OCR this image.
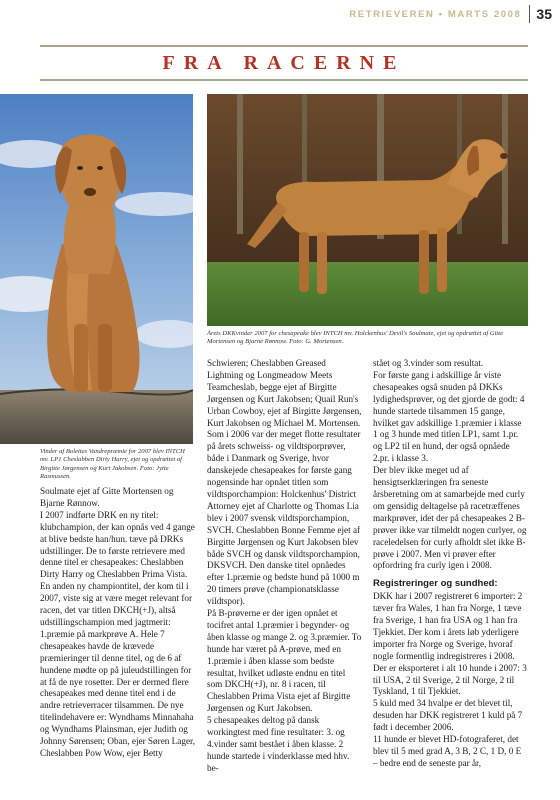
RETRIEVEREN • MARTS 2008 35
FRA RACERNE
Vinder af Bolettes Vandrepræmie for 2007 blev INTCH mv. LP1 Cheslabben Dirty Harry, ejet og opdrættet af Birgitte Jørgensen og Kurt Jakobsen. Foto: Jytte Rasmussen.
Årets DKKvinder 2007 for chesapeake blev INTCH mv. Holckenhus' Devil's Soulmate, ejet og opdrættet af Gitte Mortensen og Bjarne Rønnow. Foto: G. Mortensen.

Soulmate ejet af Gitte Mortensen og Bjarne Rønnow.

I 2007 indførte DRK en ny titel: klubchampion, der kan opnås ved 4 gange at blive bedste han/hun. tæve på DRKs udstillinger. De to første retrievere med denne titel er chesapeakes: Cheslabben Dirty Harry og Cheslabben Prima Vista.

En anden ny championtitel, der kom til i 2007, viste sig at være meget relevant for racen, det var titlen DKCH(+J), altså udstillingschampion med jagtmerit: 1.præmie på markprøve A. Hele 7 chesapeakes havde de krævede præmieringer til denne titel, og de 6 af hundene mødte op på juleudstillingen for at få de nye rosetter. Der er dermed flere chesapeakes med denne titel end i de andre retrieverracer tilsammen. De nye titelindehavere er: Wyndhams Minnahaha og Wyndhams Plainsman, ejer Judith og Johnny Sørensen; Oban, ejer Søren Lager, Cheslabben Pow Wow, ejer Betty

Schwieren; Cheslabben Greased Lightning og Longmeadow Meets Teamcheslab, begge ejet af Birgitte Jørgensen og Kurt Jakobsen; Quail Run's Urban Cowboy, ejet af Birgitte Jørgensen, Kurt Jakobsen og Michael M. Mortensen.

Som i 2006 var der meget flotte resultater på årets schweiss- og vildtsporprøver, både i Danmark og Sverige, hvor danskejede chesapeakes for første gang nogensinde har opnået titlen som vildtsporchampion: Holckenhus' District Attorney ejet af Charlotte og Thomas Lia blev i 2007 svensk vildtsporchampion, SVCH. Cheslabben Bonne Femme ejet af Birgitte Jørgensen og Kurt Jakobsen blev både SVCH og dansk vildtsporchampion, DKSVCH. Den danske titel opnåedes efter 1.præmie og bedste hund på 1000 m 20 timers prøve (championatsklasse vildtspor).

På B-prøverne er der igen opnået et tocifret antal 1.præmier i begynder- og åben klasse og mange 2. og 3.præmier. To hunde har været på A-prøve, med en 1.præmie i åben klasse som bedste resultat, hvilket udløste endnu en titel som DKCH(+J), nr. 8 i racen, til Cheslabben Prima Vista ejet af Birgitte Jørgensen og Kurt Jakobsen.

5 chesapeakes deltog på dansk workingtest med fine resultater: 3. og 4.vinder samt bestået i åben klasse. 2 hunde startede i vinderklasse med hhv. be-

stået og 3.vinder som resultat.

For første gang i adskillige år viste chesapeakes også snuden på DKKs lydighedsprøver, og det gjorde de godt: 4 hunde startede tilsammen 15 gange, hvilket gav adskillige 1.præmier i klasse 1 og 3 hunde med titlen LP1, samt 1.pr. og LP2 til en hund, der også opnåede 2.pr. i klasse 3.

Der blev ikke meget ud af hensigtserklæringen fra seneste årsberetning om at samarbejde med curly om gensidig deltagelse på racetræffenes markprøver, idet der på chesapeakes 2 B-prøver ikke var tilmeldt nogen curlyer, og raceledelsen for curly afholdt slet ikke B-prøve i 2007. Men vi prøver efter opfordring fra curly igen i 2008.

Registreringer og sundhed:

DKK har i 2007 registreret 6 importer: 2 tæver fra Wales, 1 han fra Norge, 1 tæve fra Sverige, 1 han fra USA og 1 han fra Tjekkiet. Der kom i årets løb yderligere importer fra Norge og Sverige, hvoraf nogle formentlig indregistreres i 2008. Der er eksporteret i alt 10 hunde i 2007: 3 til USA, 2 til Sverige, 2 til Norge, 2 til Tyskland, 1 til Tjekkiet.

5 kuld med 34 hvalpe er det blevet til, desuden har DKK registreret 1 kuld på 7 født i december 2006.

11 hunde er blevet HD-fotograferet, det blev til 5 med grad A, 3 B, 2 C, 1 D, 0 E – bedre end de seneste par år,
